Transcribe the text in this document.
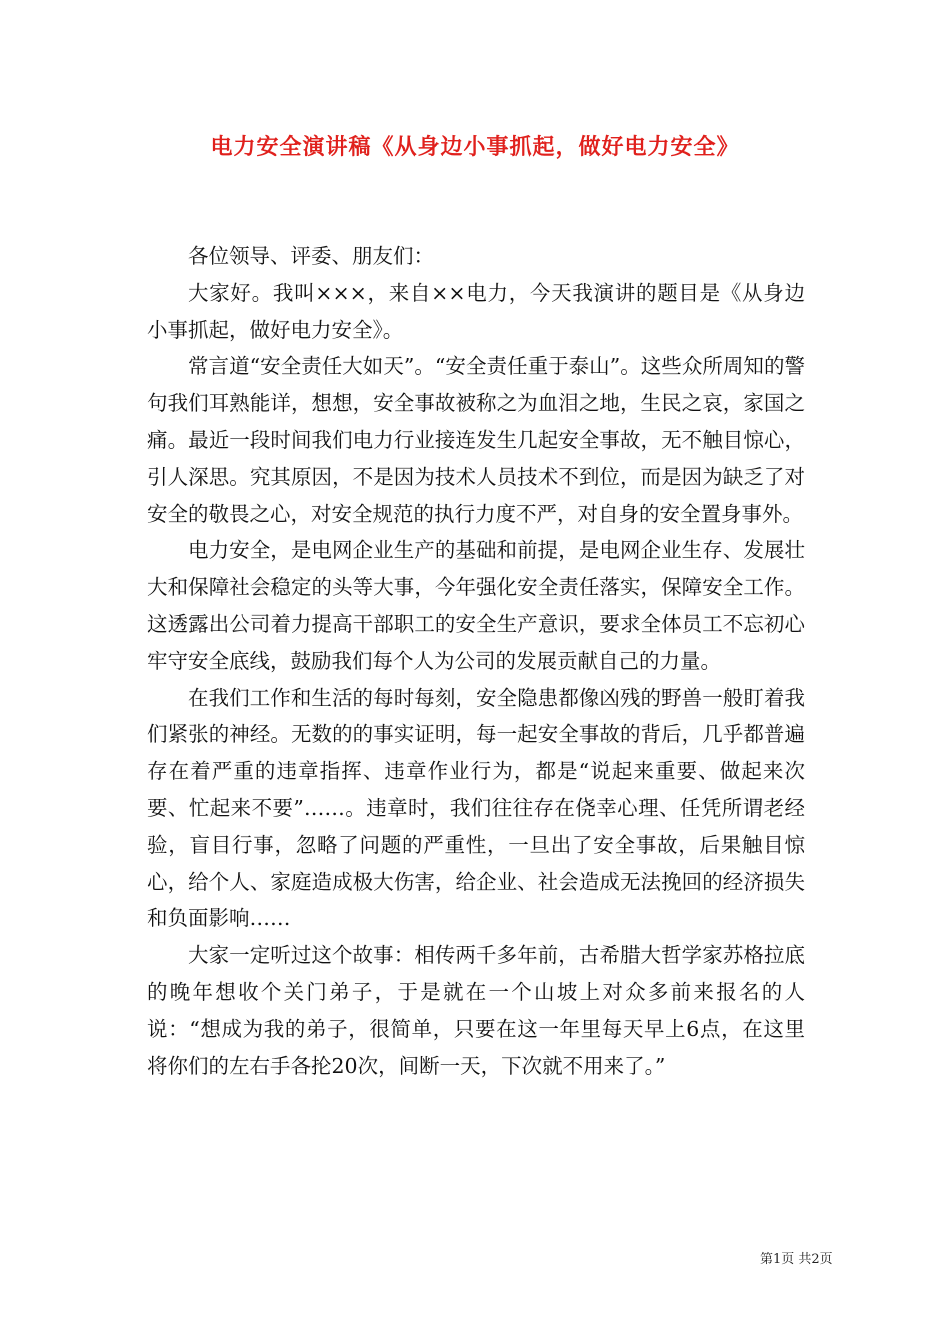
电力安全演讲稿《从身边小事抓起，做好电力安全》

各位领导、评委、朋友们：

大家好。我叫×××，来自××电力，今天我演讲的题目是《从身边小事抓起，做好电力安全》。

常言道“安全责任大如天”。“安全责任重于泰山”。这些众所周知的警句我们耳熟能详，想想，安全事故被称之为血泪之地，生民之哀，家国之痛。最近一段时间我们电力行业接连发生几起安全事故，无不触目惊心，引人深思。究其原因，不是因为技术人员技术不到位，而是因为缺乏了对安全的敬畏之心，对安全规范的执行力度不严，对自身的安全置身事外。

电力安全，是电网企业生产的基础和前提，是电网企业生存、发展壮大和保障社会稳定的头等大事，今年强化安全责任落实，保障安全工作。这透露出公司着力提高干部职工的安全生产意识，要求全体员工不忘初心牢守安全底线，鼓励我们每个人为公司的发展贡献自己的力量。

在我们工作和生活的每时每刻，安全隐患都像凶残的野兽一般盯着我们紧张的神经。无数的的事实证明，每一起安全事故的背后，几乎都普遍存在着严重的违章指挥、违章作业行为，都是“说起来重要、做起来次要、忙起来不要”……。违章时，我们往往存在侥幸心理、任凭所谓老经验，盲目行事，忽略了问题的严重性，一旦出了安全事故，后果触目惊心，给个人、家庭造成极大伤害，给企业、社会造成无法挽回的经济损失和负面影响……

大家一定听过这个故事：相传两千多年前，古希腊大哲学家苏格拉底的晚年想收个关门弟子，于是就在一个山坡上对众多前来报名的人说：“想成为我的弟子，很简单，只要在这一年里每天早上6点，在这里将你们的左右手各抡20次，间断一天，下次就不用来了。”

第1页 共2页
